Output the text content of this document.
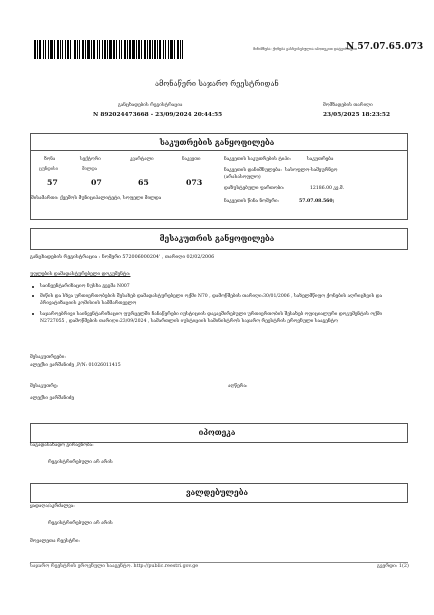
მინიშნება: ქონება გასხვისებულია იპოთეკით დატვირთვით
N 57.07.65.073
ამონაწერი საჯარო რეესტრიდან
განცხადების რეგისტრაცია
N 892024473668 - 23/09/2024 20:44:55
მომზადების თარიღი
23/05/2025 18:23:52
საკუთრების განყოფილება
ზონა	სექტორი	კვარტალი	ნაკვეთი
ცუნდისი	მილდა
57	07	65	073
მისამართი: ქვემოს მუნიციპალიტეტი, სოფელი მილდა
ნაკვეთის საკუთრების ტიპი:	საკუთრება
ნაკვეთის დანიშნულება: სასოფლო-სამეურნეო
(არასასოფლო)
დაზუსტებული ფართობი:	12186.00 კვ.მ.
ნაკვეთის წინა ნომერი:	57.07.08.560;
მესაკუთრის განყოფილება
განცხადების რეგისტრაცია : ნომერი 572006000204' , თარიღი 02/02/2006
უფლების დამადასტურებელი დოკუმენტი:
საინვენტარიზაციო ნუსხა გეგმა N007
მიწის და სხვა ურთიერთობების შესახებ დამადასტურებელი ოქმი N70 , დამოწმების თარიღი:30/01/2006 , სახელმწიფო ქონების აღრიცხვის და პრივატიზაციის კომისიის სამმართველო
საჯაროებრივი საინვენტარიზაციო ფურცელში ჩანაწერები იუსტიციის დაკავშირებული ურთიერთობის შესახებ ოფიციალური დოკუმენტის ოქმი N2727055 , დამოწმების თარიღი:23/09/2024 , სამართლის იუსტიციის სამინისტროს საჯარო რეესტრის ეროვნული სააგენტო
მესაკუთრეები:
ალექსი ვარშანიძე ,P/N: 01026011415
მესაკუთრე:	აღწერა:
ალექსი ვარშანიძე
იპოთეკა
საგადასახადო გირავნობა:
რეგისტრირებული არ არის
ვალდებულება
ყადაღა/აკრძალვა:
რეგისტრირებული არ არის
მოვალეთა რეესტრი:
საჯარო რეესტრის ეროვნული სააგენტო. http://public.reestri.gov.ge	გვერდი: 1(2)
